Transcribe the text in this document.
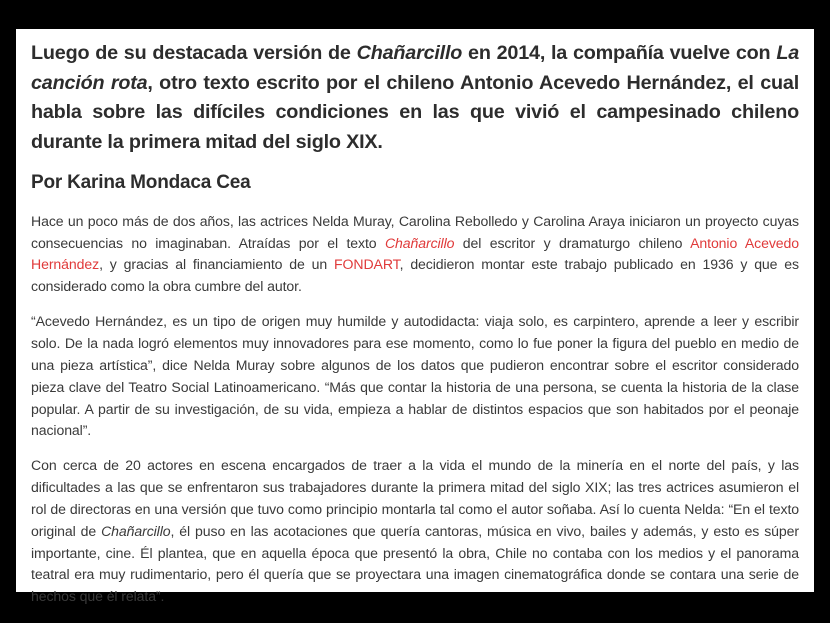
Luego de su destacada versión de Chañarcillo en 2014, la compañía vuelve con La canción rota, otro texto escrito por el chileno Antonio Acevedo Hernández, el cual habla sobre las difíciles condiciones en las que vivió el campesinado chileno durante la primera mitad del siglo XIX.

Por Karina Mondaca Cea

Hace un poco más de dos años, las actrices Nelda Muray, Carolina Rebolledo y Carolina Araya iniciaron un proyecto cuyas consecuencias no imaginaban. Atraídas por el texto Chañarcillo del escritor y dramaturgo chileno Antonio Acevedo Hernández, y gracias al financiamiento de un FONDART, decidieron montar este trabajo publicado en 1936 y que es considerado como la obra cumbre del autor.

“Acevedo Hernández, es un tipo de origen muy humilde y autodidacta: viaja solo, es carpintero, aprende a leer y escribir solo. De la nada logró elementos muy innovadores para ese momento, como lo fue poner la figura del pueblo en medio de una pieza artística”, dice Nelda Muray sobre algunos de los datos que pudieron encontrar sobre el escritor considerado pieza clave del Teatro Social Latinoamericano. “Más que contar la historia de una persona, se cuenta la historia de la clase popular. A partir de su investigación, de su vida, empieza a hablar de distintos espacios que son habitados por el peonaje nacional”.

Con cerca de 20 actores en escena encargados de traer a la vida el mundo de la minería en el norte del país, y las dificultades a las que se enfrentaron sus trabajadores durante la primera mitad del siglo XIX; las tres actrices asumieron el rol de directoras en una versión que tuvo como principio montarla tal como el autor soñaba. Así lo cuenta Nelda: “En el texto original de Chañarcillo, él puso en las acotaciones que quería cantoras, música en vivo, bailes y además, y esto es súper importante, cine. Él plantea, que en aquella época que presentó la obra, Chile no contaba con los medios y el panorama teatral era muy rudimentario, pero él quería que se proyectara una imagen cinematográfica donde se contara una serie de hechos que él relata”.
